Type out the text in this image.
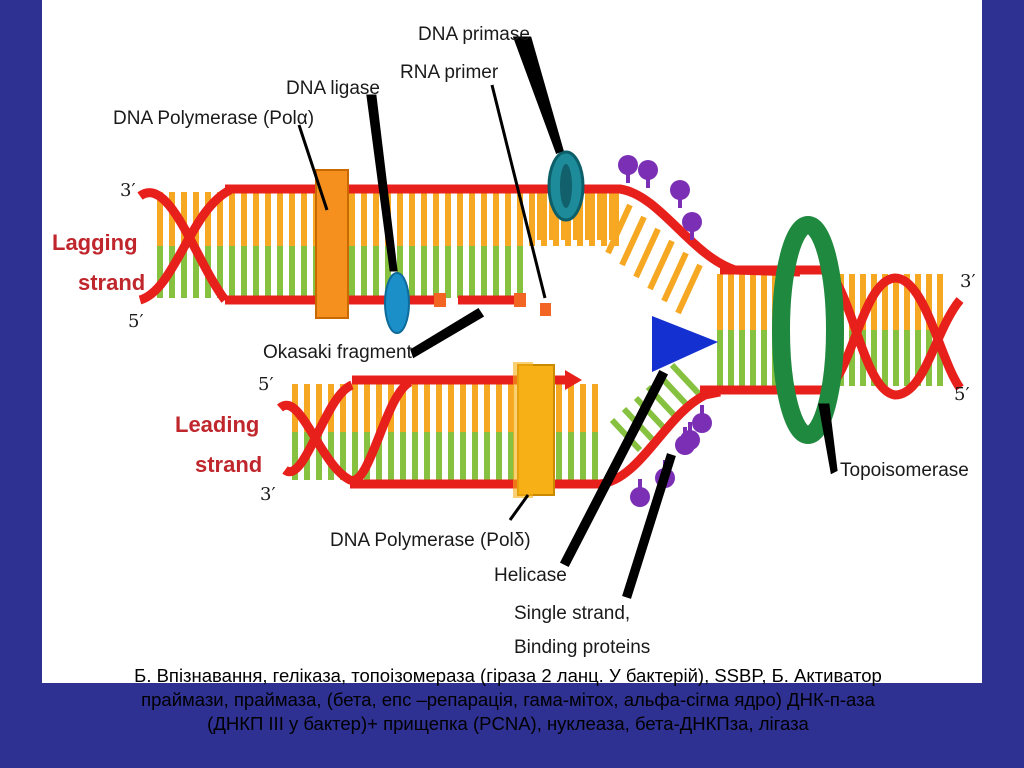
DNA primase
RNA primer
DNA ligase
DNA Polymerase (Polα)
Lagging
strand
Leading
strand
3′
5′
5′
3′
3′
5′
Okasaki fragment
Topoisomerase
DNA Polymerase (Polδ)
Helicase
Single strand,
Binding proteins

Б. Впізнавання, геліказа, топоізомераза (гіраза 2 ланц. У бактерій), SSBP, Б. Активатор

праймази, праймаза, (бета, епс –репарація, гама-мітох, альфа-сігма ядро) ДНК-п-аза

(ДНКП ІІІ у бактер)+ прищепка (PCNA), нуклеаза, бета-ДНКПза, лігаза
